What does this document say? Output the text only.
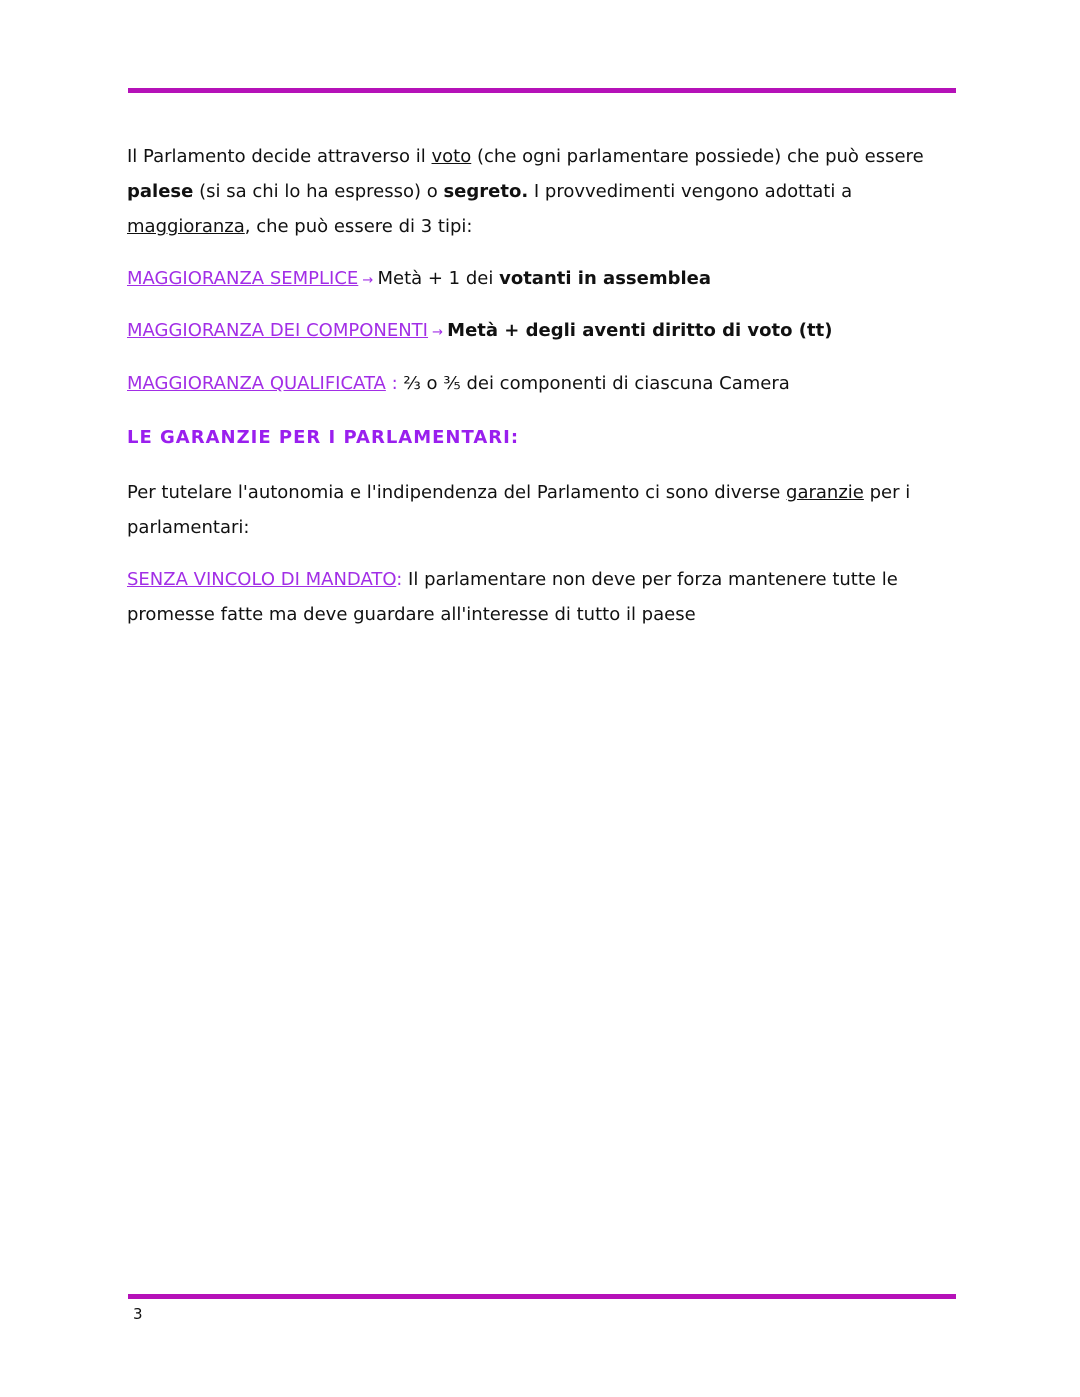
Il Parlamento decide attraverso il voto (che ogni parlamentare possiede) che può essere palese (si sa chi lo ha espresso) o segreto. I provvedimenti vengono adottati a maggioranza, che può essere di 3 tipi:

MAGGIORANZA SEMPLICE → Metà + 1 dei votanti in assemblea

MAGGIORANZA DEI COMPONENTI → Metà + degli aventi diritto di voto (tt)

MAGGIORANZA QUALIFICATA : ⅔ o ⅗ dei componenti di ciascuna Camera

LE GARANZIE PER I PARLAMENTARI:

Per tutelare l'autonomia e l'indipendenza del Parlamento ci sono diverse garanzie per i parlamentari:

SENZA VINCOLO DI MANDATO: Il parlamentare non deve per forza mantenere tutte le promesse fatte ma deve guardare all'interesse di tutto il paese

3
